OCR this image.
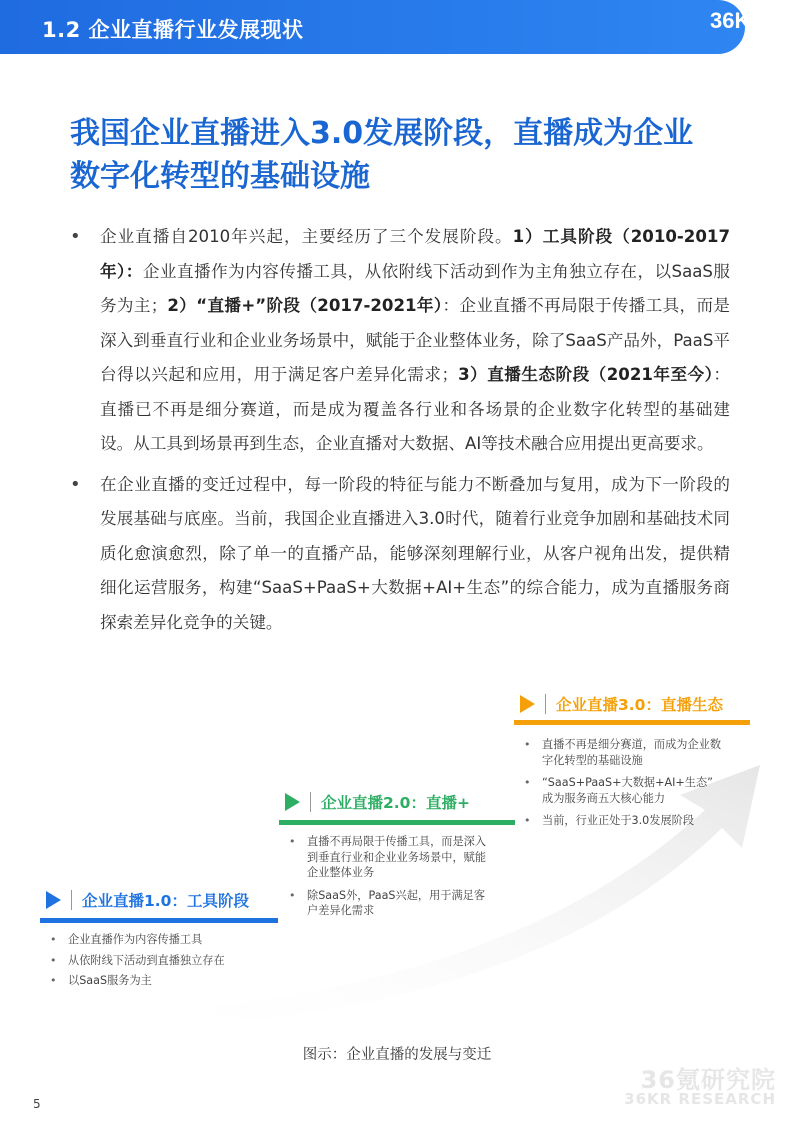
1.2 企业直播行业发展现状	36Kr
我国企业直播进入3.0发展阶段，直播成为企业
数字化转型的基础设施
• 企业直播自2010年兴起，主要经历了三个发展阶段。1）工具阶段（2010-2017年）：企业直播作为内容传播工具，从依附线下活动到作为主角独立存在，以SaaS服务为主；2）“直播+”阶段（2017-2021年）：企业直播不再局限于传播工具，而是深入到垂直行业和企业业务场景中，赋能于企业整体业务，除了SaaS产品外，PaaS平台得以兴起和应用，用于满足客户差异化需求；3）直播生态阶段（2021年至今）：直播已不再是细分赛道，而是成为覆盖各行业和各场景的企业数字化转型的基础建设。从工具到场景再到生态，企业直播对大数据、AI等技术融合应用提出更高要求。
• 在企业直播的变迁过程中，每一阶段的特征与能力不断叠加与复用，成为下一阶段的发展基础与底座。当前，我国企业直播进入3.0时代，随着行业竞争加剧和基础技术同质化愈演愈烈，除了单一的直播产品，能够深刻理解行业，从客户视角出发，提供精细化运营服务，构建“SaaS+PaaS+大数据+AI+生态”的综合能力，成为直播服务商探索差异化竞争的关键。
企业直播1.0：工具阶段
• 企业直播作为内容传播工具
• 从依附线下活动到直播独立存在
• 以SaaS服务为主
企业直播2.0：直播+
• 直播不再局限于传播工具，而是深入
到垂直行业和企业业务场景中，赋能
企业整体业务
• 除SaaS外，PaaS兴起，用于满足客
户差异化需求
企业直播3.0：直播生态
• 直播不再是细分赛道，而成为企业数
字化转型的基础设施
• “SaaS+PaaS+大数据+AI+生态”
成为服务商五大核心能力
• 当前，行业正处于3.0发展阶段
图示：企业直播的发展与变迁
36氪研究院
36KR RESEARCH
5
